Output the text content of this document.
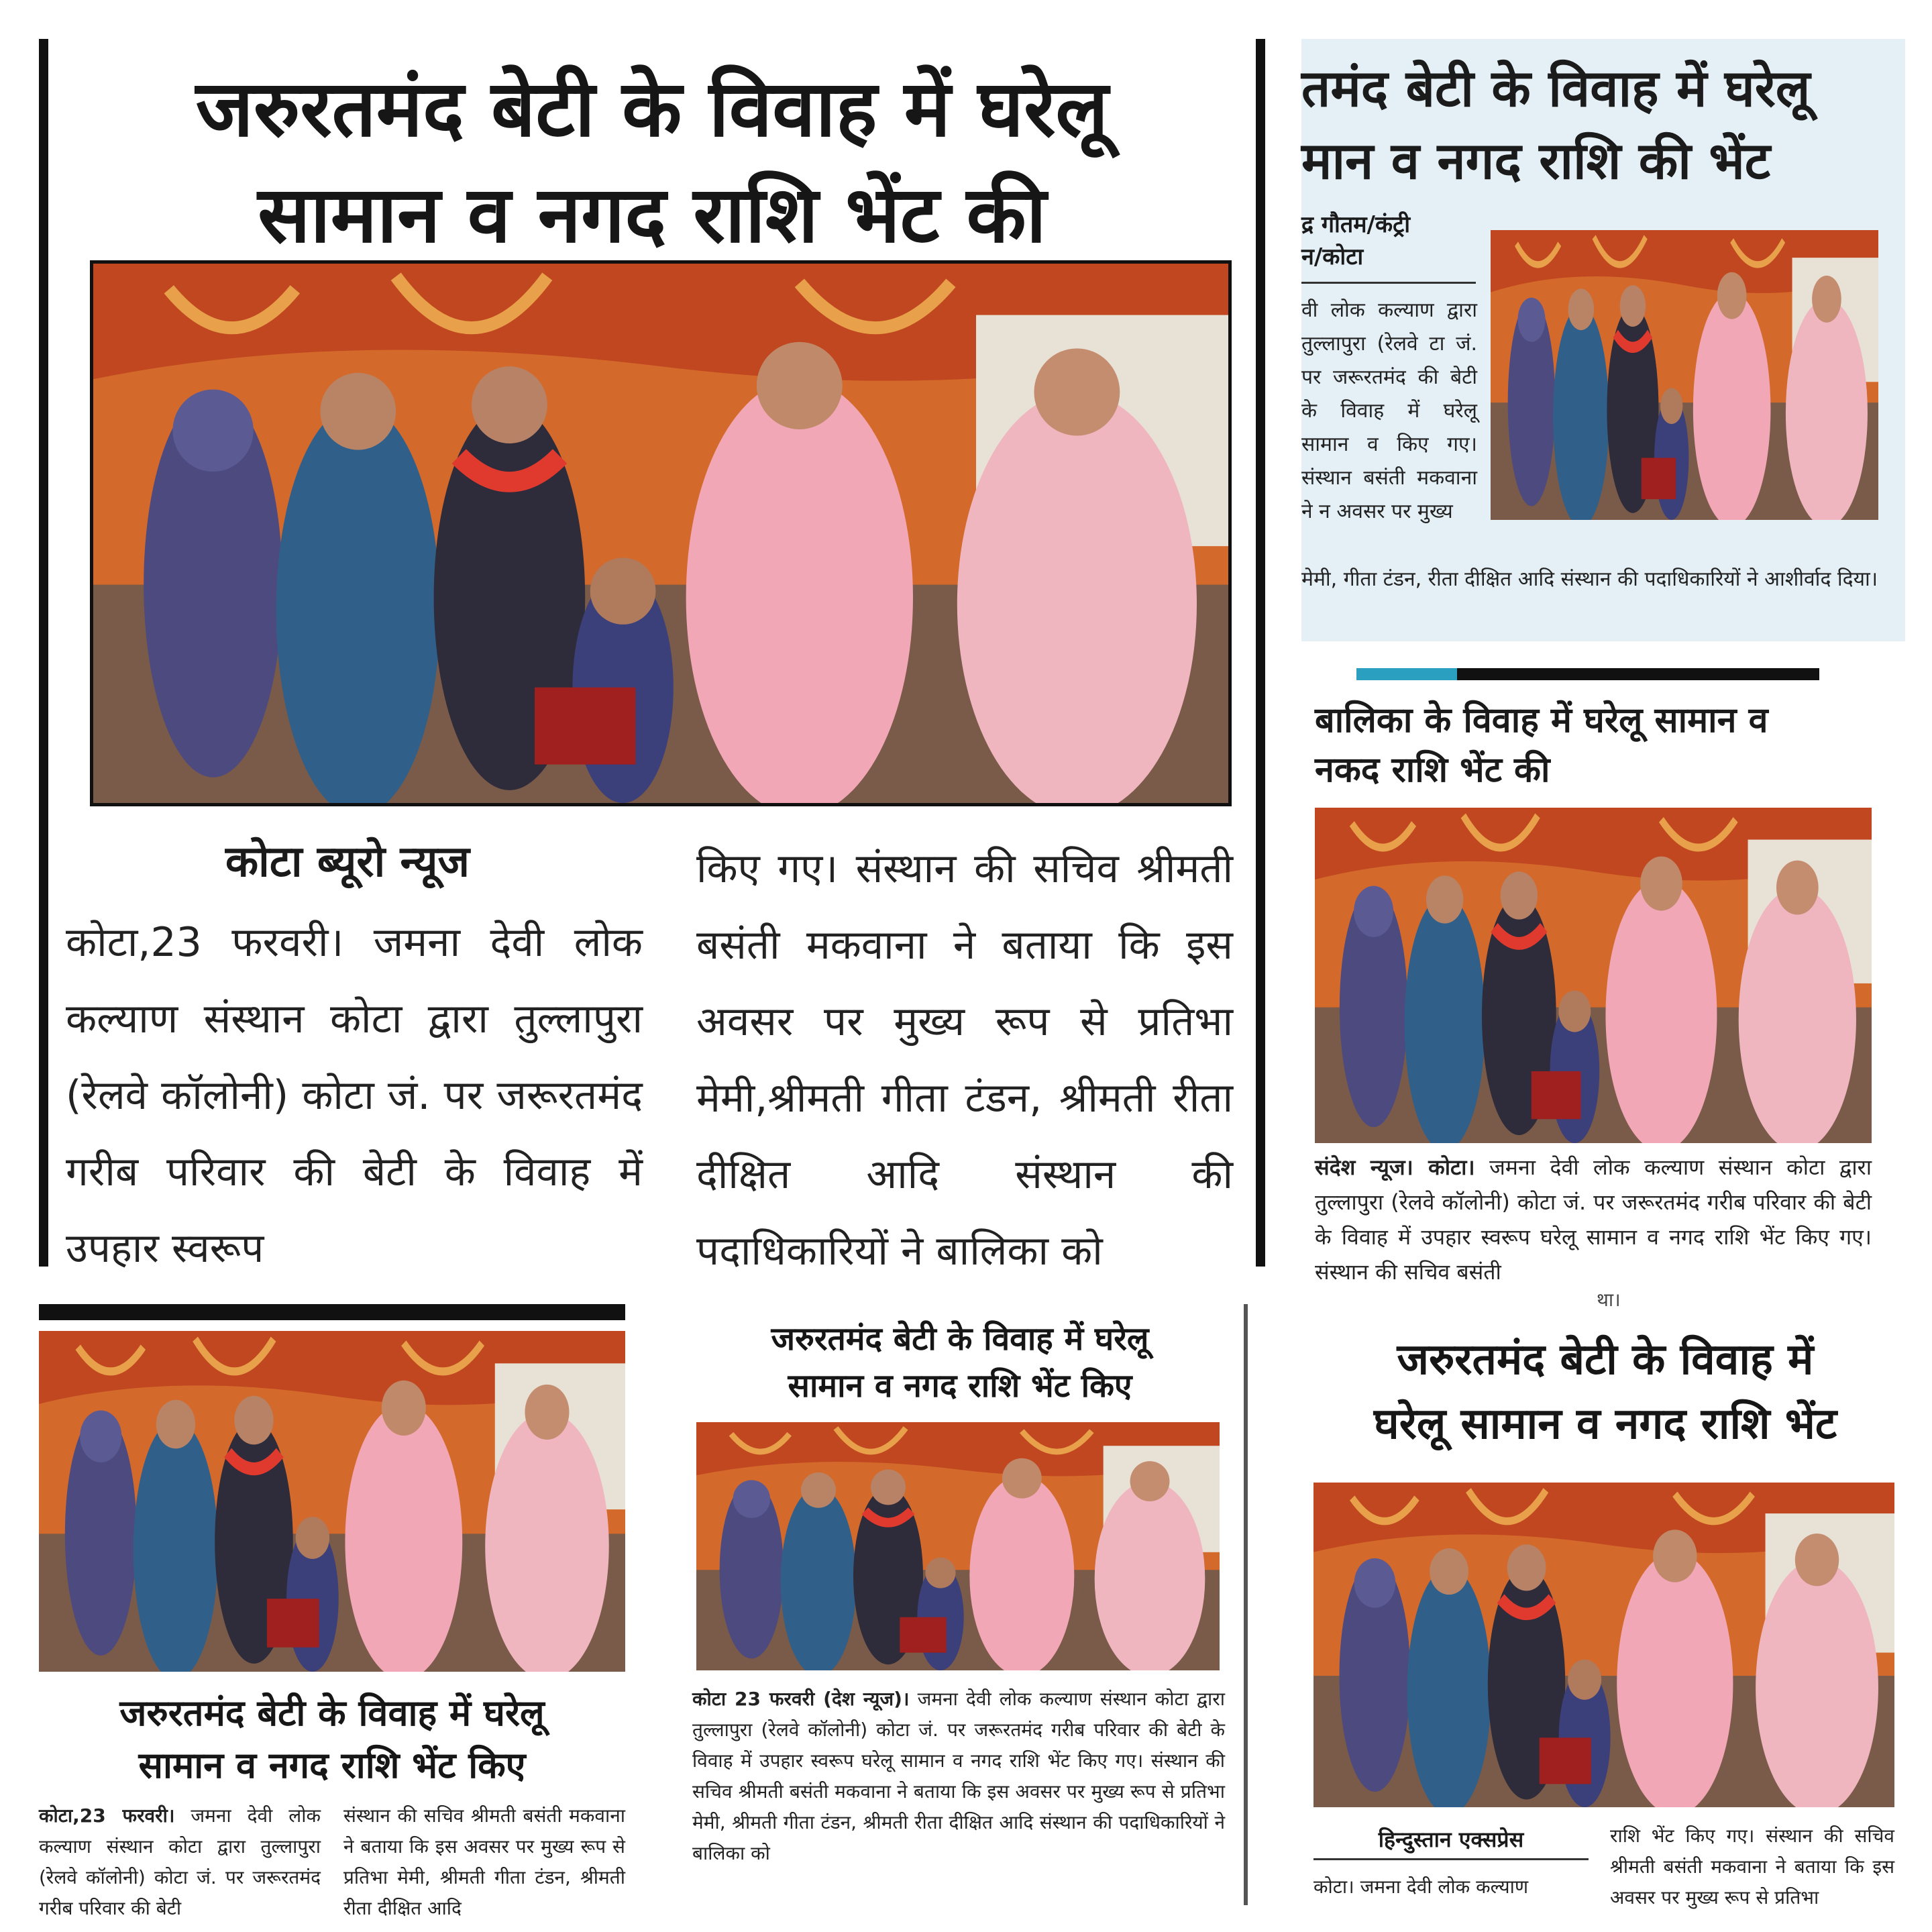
जरुरतमंद बेटी के विवाह में घरेलू
सामान व नगद राशि भेंट की
कोटा ब्यूरो न्यूज
कोटा,23 फरवरी। जमना देवी लोक कल्याण संस्थान कोटा द्वारा तुल्लापुरा (रेलवे कॉलोनी) कोटा जं. पर जरूरतमंद गरीब परिवार की बेटी के विवाह में उपहार स्वरूप
किए गए। संस्थान की सचिव श्रीमती बसंती मकवाना ने बताया कि इस अवसर पर मुख्य रूप से प्रतिभा मेमी,श्रीमती गीता टंडन, श्रीमती रीता दीक्षित आदि संस्थान की पदाधिकारियों ने बालिका को
तमंद बेटी के विवाह में घरेलू
मान व नगद राशि की भेंट
द्र गौतम/कंट्री
न/कोटा
वी लोक कल्याण द्वारा तुल्लापुरा (रेलवे टा जं. पर जरूरतमंद की बेटी के विवाह में घरेलू सामान व किए गए। संस्थान बसंती मकवाना ने न अवसर पर मुख्य
मेमी, गीता टंडन, रीता दीक्षित आदि संस्थान की पदाधिकारियों ने आशीर्वाद दिया।
बालिका के विवाह में घरेलू सामान व
नकद राशि भेंट की
संदेश न्यूज। कोटा। जमना देवी लोक कल्याण संस्थान कोटा द्वारा तुल्लापुरा (रेलवे कॉलोनी) कोटा जं. पर जरूरतमंद गरीब परिवार की बेटी के विवाह में उपहार स्वरूप घरेलू सामान व नगद राशि भेंट किए गए। संस्थान की सचिव बसंती
था।
जरुरतमंद बेटी के विवाह में घरेलू
सामान व नगद राशि भेंट किए
कोटा,23 फरवरी। जमना देवी लोक कल्याण संस्थान कोटा द्वारा तुल्लापुरा (रेलवे कॉलोनी) कोटा जं. पर जरूरतमंद गरीब परिवार की बेटी
संस्थान की सचिव श्रीमती बसंती मकवाना ने बताया कि इस अवसर पर मुख्य रूप से प्रतिभा मेमी, श्रीमती गीता टंडन, श्रीमती रीता दीक्षित आदि
जरुरतमंद बेटी के विवाह में घरेलू
सामान व नगद राशि भेंट किए
कोटा 23 फरवरी (देश न्यूज)। जमना देवी लोक कल्याण संस्थान कोटा द्वारा तुल्लापुरा (रेलवे कॉलोनी) कोटा जं. पर जरूरतमंद गरीब परिवार की बेटी के विवाह में उपहार स्वरूप घरेलू सामान व नगद राशि भेंट किए गए। संस्थान की सचिव श्रीमती बसंती मकवाना ने बताया कि इस अवसर पर मुख्य रूप से प्रतिभा मेमी, श्रीमती गीता टंडन, श्रीमती रीता दीक्षित आदि संस्थान की पदाधिकारियों ने बालिका को
जरुरतमंद बेटी के विवाह में
घरेलू सामान व नगद राशि भेंट
हिन्दुस्तान एक्सप्रेस
कोटा। जमना देवी लोक कल्याण
राशि भेंट किए गए। संस्थान की सचिव श्रीमती बसंती मकवाना ने बताया कि इस अवसर पर मुख्य रूप से प्रतिभा
